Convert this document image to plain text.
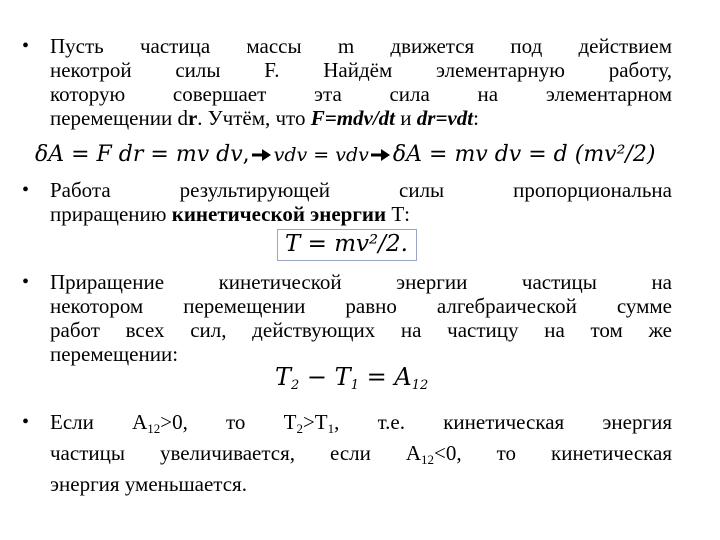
• Пусть частица массы m движется под действием
некотрой силы F. Найдём элементарную работу,
которую совершает эта сила на элементарном
перемещении dr. Учтём, что F=mdv/dt и dr=vdt:
δA = F dr = mv dv, vdv = vdv δA = mv dv = d (mv²/2)
• Работа результирующей силы пропорциональна
приращению кинетической энергии Т:
T = mv²/2.
• Приращение кинетической энергии частицы на
некотором перемещении равно алгебраической сумме
работ всех сил, действующих на частицу на том же
перемещении:
$T_2 - T_1 = A_{12}$
• Если $А_{12}>0$, то $Т_2>Т_1$, т.е. кинетическая энергия
частицы увеличивается, если $А_{12}<0$, то кинетическая
энергия уменьшается.
